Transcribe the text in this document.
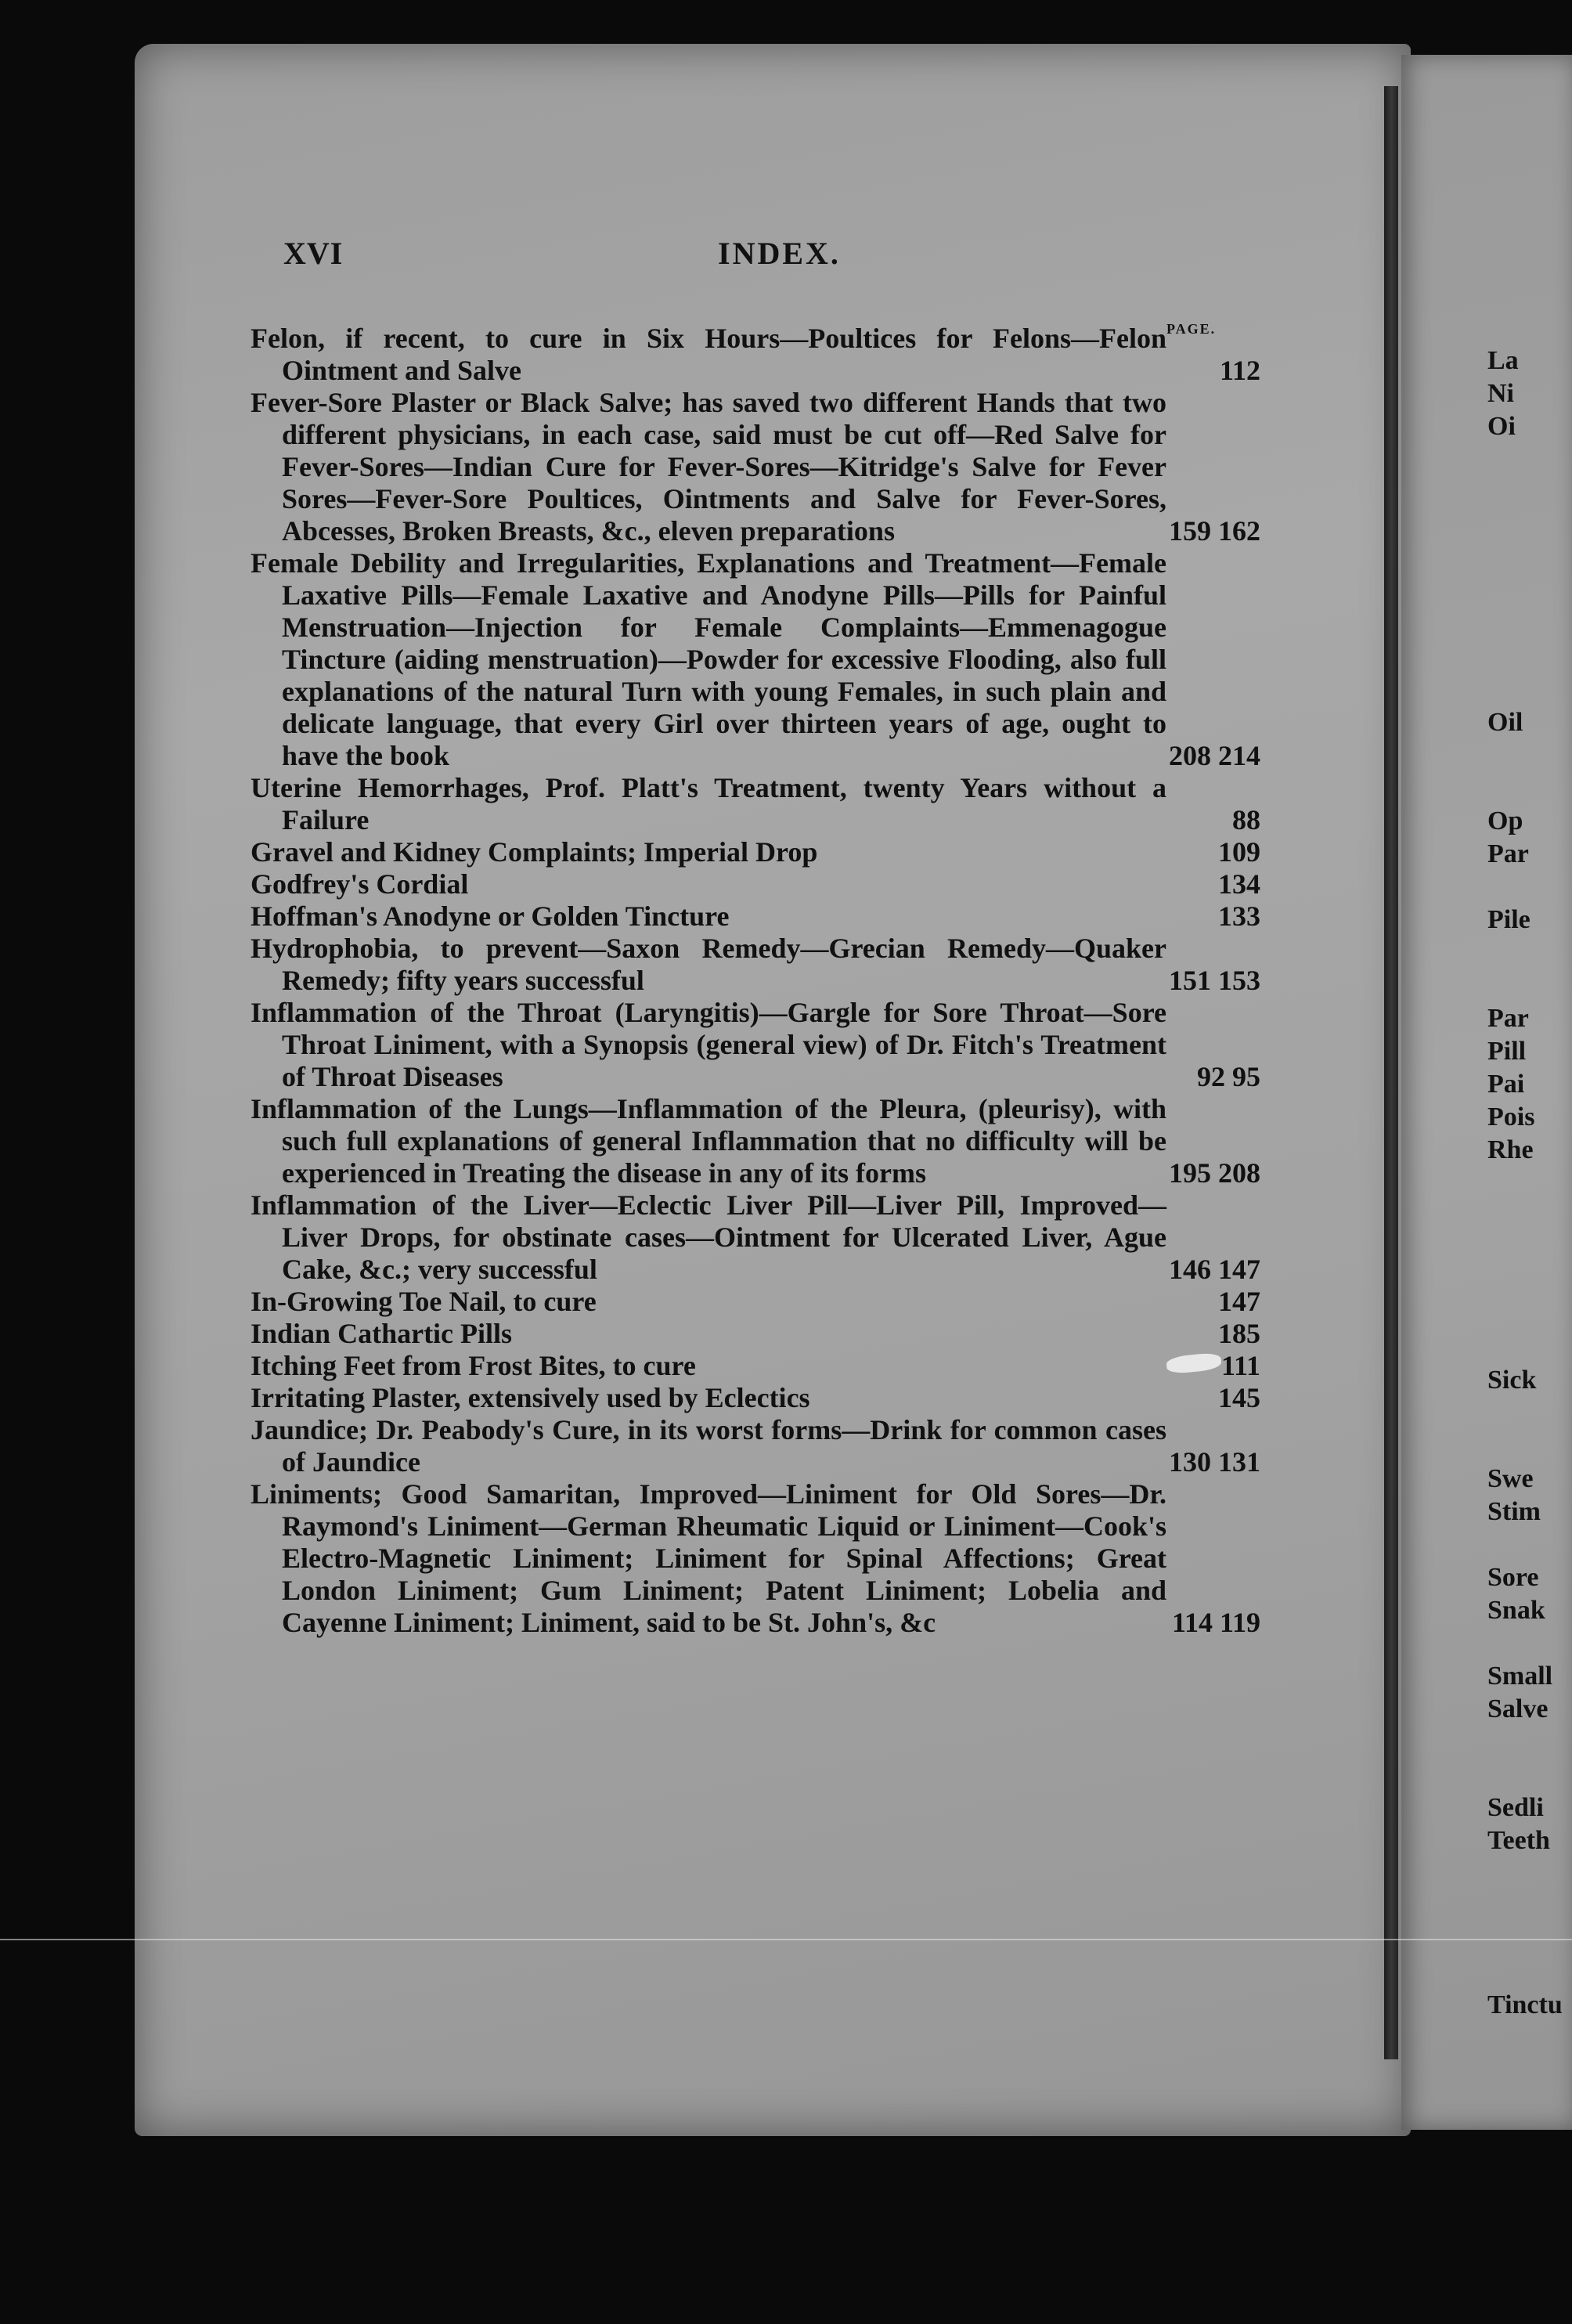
XVI	INDEX.
PAGE.
Felon, if recent, to cure in Six Hours—Poultices for Felons—Felon Ointment and Salve	112
Fever-Sore Plaster or Black Salve; has saved two different Hands that two different physicians, in each case, said must be cut off—Red Salve for Fever-Sores—Indian Cure for Fever-Sores—Kitridge's Salve for Fever Sores—Fever-Sore Poultices, Ointments and Salve for Fever-Sores, Abcesses, Broken Breasts, &c., eleven preparations	159 162
Female Debility and Irregularities, Explanations and Treatment—Female Laxative Pills—Female Laxative and Anodyne Pills—Pills for Painful Menstruation—Injection for Female Complaints—Emmenagogue Tincture (aiding menstruation)—Powder for excessive Flooding, also full explanations of the natural Turn with young Females, in such plain and delicate language, that every Girl over thirteen years of age, ought to have the book	208 214
Uterine Hemorrhages, Prof. Platt's Treatment, twenty Years without a Failure	88
Gravel and Kidney Complaints; Imperial Drop	109
Godfrey's Cordial	134
Hoffman's Anodyne or Golden Tincture	133
Hydrophobia, to prevent—Saxon Remedy—Grecian Remedy—Quaker Remedy; fifty years successful	151 153
Inflammation of the Throat (Laryngitis)—Gargle for Sore Throat—Sore Throat Liniment, with a Synopsis (general view) of Dr. Fitch's Treatment of Throat Diseases	92 95
Inflammation of the Lungs—Inflammation of the Pleura, (pleurisy), with such full explanations of general Inflammation that no difficulty will be experienced in Treating the disease in any of its forms	195 208
Inflammation of the Liver—Eclectic Liver Pill—Liver Pill, Improved—Liver Drops, for obstinate cases—Ointment for Ulcerated Liver, Ague Cake, &c.; very successful	146 147
In-Growing Toe Nail, to cure	147
Indian Cathartic Pills	185
Itching Feet from Frost Bites, to cure	111
Irritating Plaster, extensively used by Eclectics	145
Jaundice; Dr. Peabody's Cure, in its worst forms—Drink for common cases of Jaundice	130 131
Liniments; Good Samaritan, Improved—Liniment for Old Sores—Dr. Raymond's Liniment—German Rheumatic Liquid or Liniment—Cook's Electro-Magnetic Liniment; Liniment for Spinal Affections; Great London Liniment; Gum Liniment; Patent Liniment; Lobelia and Cayenne Liniment; Liniment, said to be St. John's, &c	114 119
La
Ni
Oi
Oil
Op
Par
Pile
Par
Pill
Pai
Pois
Rhe
Sick
Swe
Stim
Sore
Snak
Small
Salve
Sedli
Teeth
Tinctu
